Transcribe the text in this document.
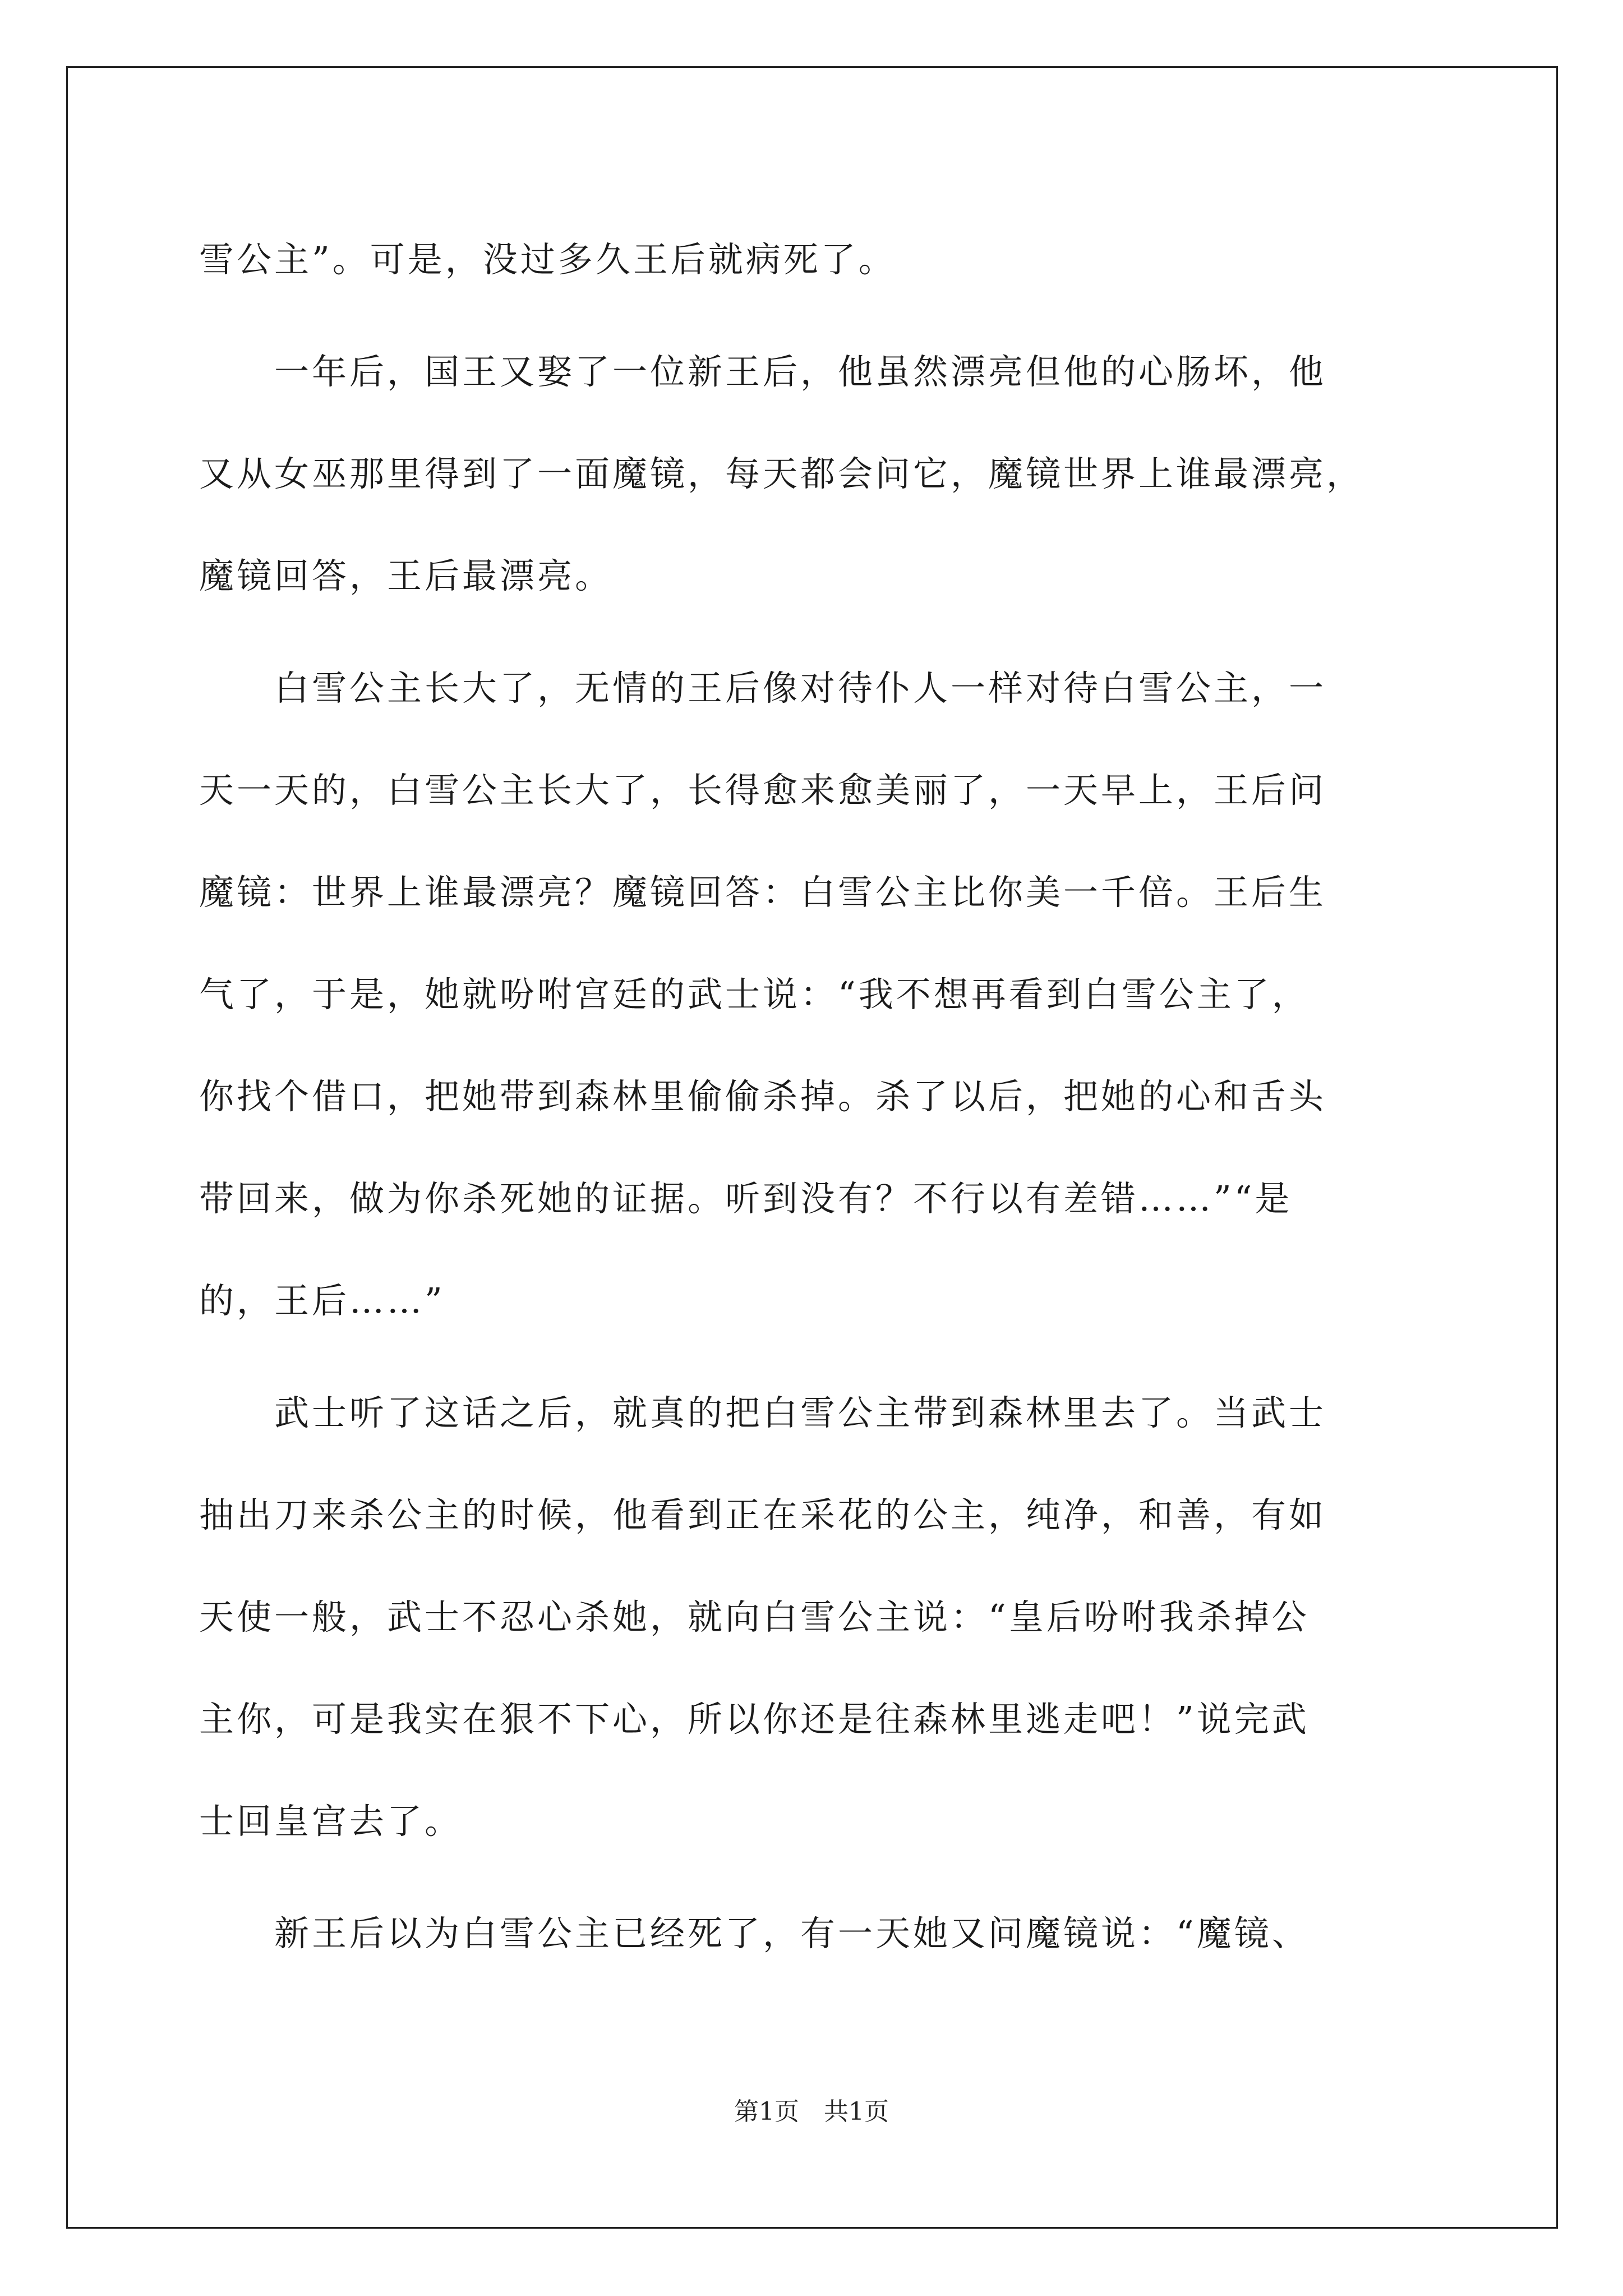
雪公主”。可是，没过多久王后就病死了。
一年后，国王又娶了一位新王后，他虽然漂亮但他的心肠坏，他
又从女巫那里得到了一面魔镜，每天都会问它，魔镜世界上谁最漂亮，
魔镜回答，王后最漂亮。
白雪公主长大了，无情的王后像对待仆人一样对待白雪公主，一
天一天的，白雪公主长大了，长得愈来愈美丽了，一天早上，王后问
魔镜：世界上谁最漂亮？魔镜回答：白雪公主比你美一千倍。王后生
气了，于是，她就吩咐宫廷的武士说：“我不想再看到白雪公主了，
你找个借口，把她带到森林里偷偷杀掉。杀了以后，把她的心和舌头
带回来，做为你杀死她的证据。听到没有？不行以有差错……”“是
的，王后……”
武士听了这话之后，就真的把白雪公主带到森林里去了。当武士
抽出刀来杀公主的时候，他看到正在采花的公主，纯净，和善，有如
天使一般，武士不忍心杀她，就向白雪公主说：“皇后吩咐我杀掉公
主你，可是我实在狠不下心，所以你还是往森林里逃走吧！”说完武
士回皇宫去了。
新王后以为白雪公主已经死了，有一天她又问魔镜说：“魔镜、
第1页　共1页
